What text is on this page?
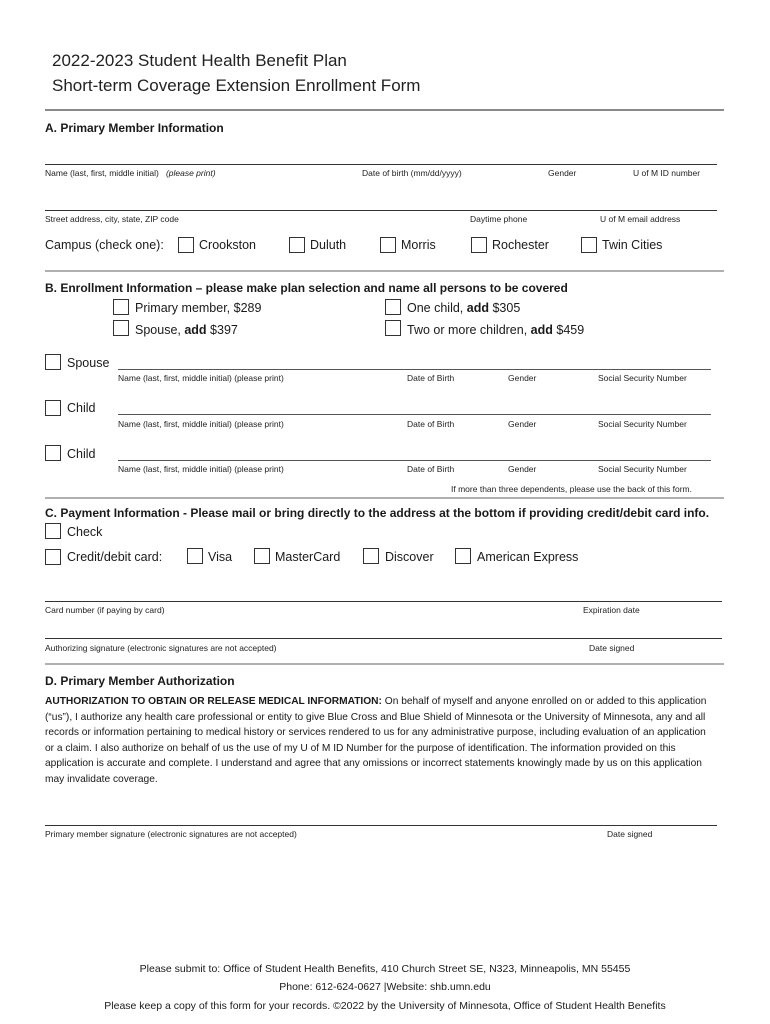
2022-2023 Student Health Benefit Plan
Short-term Coverage Extension Enrollment Form
A. Primary Member Information
Name (last, first, middle initial) (please print)	Date of birth (mm/dd/yyyy)	Gender	U of M ID number
Street address, city, state, ZIP code	Daytime phone	U of M email address
Campus (check one):	Crookston	Duluth	Morris	Rochester	Twin Cities
B. Enrollment Information – please make plan selection and name all persons to be covered
Primary member, $289
Spouse, add $397
One child, add $305
Two or more children, add $459
Spouse
Name (last, first, middle initial) (please print)	Date of Birth	Gender	Social Security Number
Child
Name (last, first, middle initial) (please print)	Date of Birth	Gender	Social Security Number
Child
Name (last, first, middle initial) (please print)	Date of Birth	Gender	Social Security Number
If more than three dependents, please use the back of this form.
C. Payment Information - Please mail or bring directly to the address at the bottom if providing credit/debit card info.
Check
Credit/debit card:	Visa	MasterCard	Discover	American Express
Card number (if paying by card)	Expiration date
Authorizing signature (electronic signatures are not accepted)	Date signed
D. Primary Member Authorization
AUTHORIZATION TO OBTAIN OR RELEASE MEDICAL INFORMATION: On behalf of myself and anyone enrolled on or added to this application (“us”), I authorize any health care professional or entity to give Blue Cross and Blue Shield of Minnesota or the University of Minnesota, any and all records or information pertaining to medical history or services rendered to us for any administrative purpose, including evaluation of an application or a claim. I also authorize on behalf of us the use of my U of M ID Number for the purpose of identification. The information provided on this application is accurate and complete. I understand and agree that any omissions or incorrect statements knowingly made by us on this application may invalidate coverage.
Primary member signature (electronic signatures are not accepted)	Date signed
Please submit to: Office of Student Health Benefits, 410 Church Street SE, N323, Minneapolis, MN 55455
Phone: 612-624-0627 |Website: shb.umn.edu
Please keep a copy of this form for your records. ©2022 by the University of Minnesota, Office of Student Health Benefits
